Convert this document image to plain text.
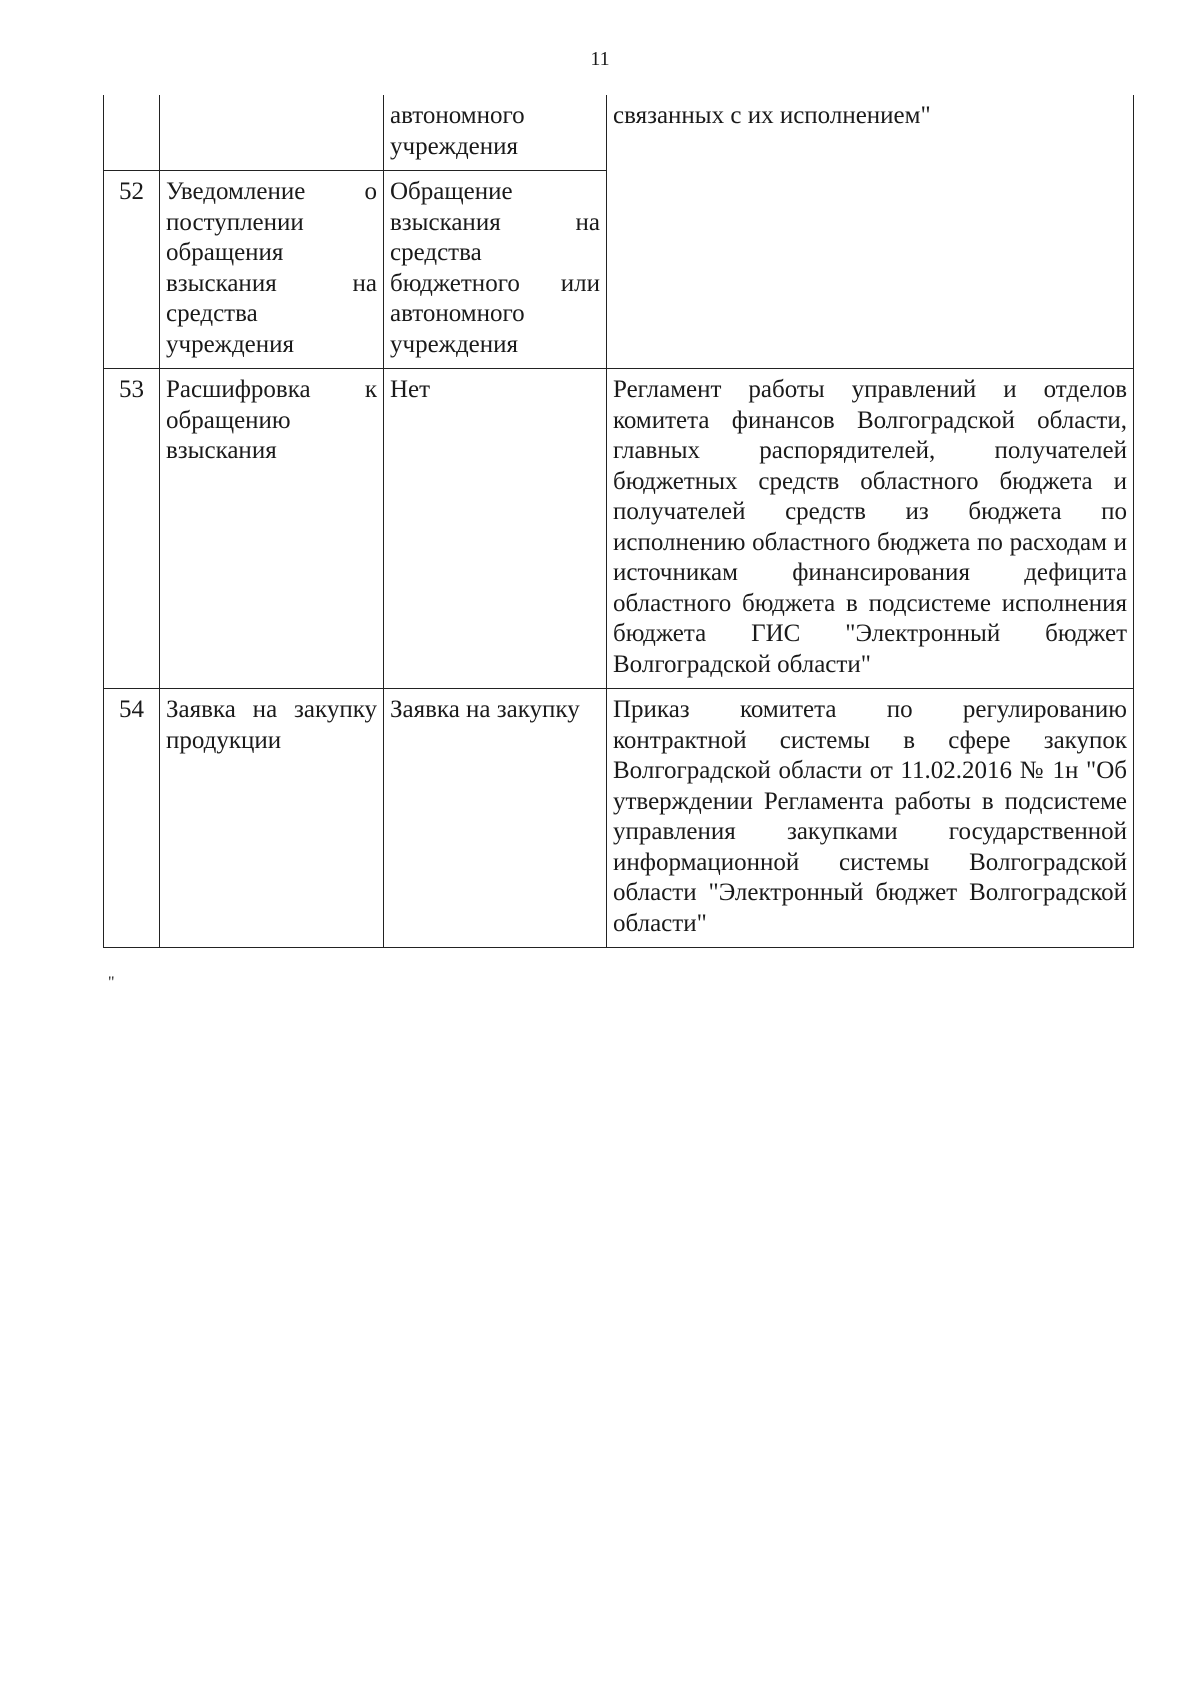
11
		автономного учреждения	связанных с их исполнением"
52	Уведомление о поступлении обращения взыскания на средства учреждения	Обращение взыскания на средства бюджетного или автономного учреждения	
53	Расшифровка к обращению взыскания	Нет	Регламент работы управлений и отделов комитета финансов Волгоградской области, главных распорядителей, получателей бюджетных средств областного бюджета и получателей средств из бюджета по исполнению областного бюджета по расходам и источникам финансирования дефицита областного бюджета в подсистеме исполнения бюджета ГИС "Электронный бюджет Волгоградской области"
54	Заявка на закупку продукции	Заявка на закупку	Приказ комитета по регулированию контрактной системы в сфере закупок Волгоградской области от 11.02.2016 № 1н "Об утверждении Регламента работы в подсистеме управления закупками государственной информационной системы Волгоградской области "Электронный бюджет Волгоградской области"
"
